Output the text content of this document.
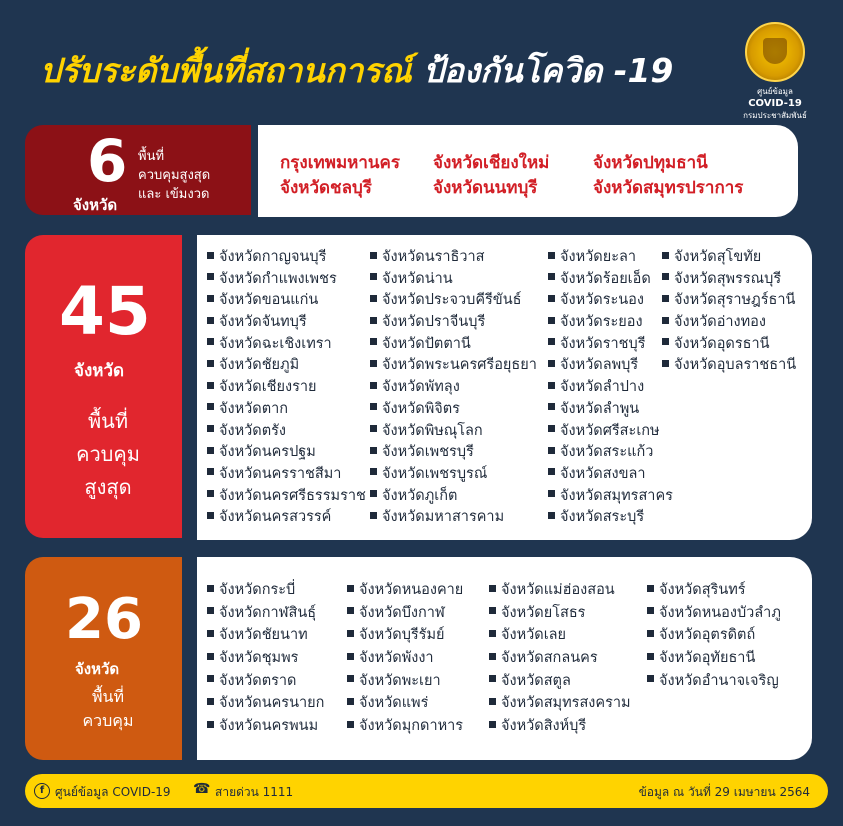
ปรับระดับพื้นที่สถานการณ์ ป้องกันโควิด -19
ศูนย์ข้อมูล
COVID-19
กรมประชาสัมพันธ์
6
จังหวัด
พื้นที่
ควบคุมสูงสุด
และ เข้มงวด
กรุงเทพมหานคร จังหวัดเชียงใหม่	จังหวัดปทุมธานี
จังหวัดชลบุรี	จังหวัดนนทบุรี	จังหวัดสมุทรปราการ
45
จังหวัด
พื้นที่
ควบคุม
สูงสุด
จังหวัดกาญจนบุรี
จังหวัดกำแพงเพชร
จังหวัดขอนแก่น
จังหวัดจันทบุรี
จังหวัดฉะเชิงเทรา
จังหวัดชัยภูมิ
จังหวัดเชียงราย
จังหวัดตาก
จังหวัดตรัง
จังหวัดนครปฐม
จังหวัดนครราชสีมา
จังหวัดนครศรีธรรมราช
จังหวัดนครสวรรค์
จังหวัดนราธิวาส
จังหวัดน่าน
จังหวัดประจวบคีรีขันธ์
จังหวัดปราจีนบุรี
จังหวัดปัตตานี
จังหวัดพระนครศรีอยุธยา
จังหวัดพัทลุง
จังหวัดพิจิตร
จังหวัดพิษณุโลก
จังหวัดเพชรบุรี
จังหวัดเพชรบูรณ์
จังหวัดภูเก็ต
จังหวัดมหาสารคาม
จังหวัดยะลา
จังหวัดร้อยเอ็ด
จังหวัดระนอง
จังหวัดระยอง
จังหวัดราชบุรี
จังหวัดลพบุรี
จังหวัดลำปาง
จังหวัดลำพูน
จังหวัดศรีสะเกษ
จังหวัดสระแก้ว
จังหวัดสงขลา
จังหวัดสมุทรสาคร
จังหวัดสระบุรี
จังหวัดสุโขทัย
จังหวัดสุพรรณบุรี
จังหวัดสุราษฎร์ธานี
จังหวัดอ่างทอง
จังหวัดอุดรธานี
จังหวัดอุบลราชธานี
26
จังหวัด
พื้นที่
ควบคุม
จังหวัดกระบี่
จังหวัดกาฬสินธุ์
จังหวัดชัยนาท
จังหวัดชุมพร
จังหวัดตราด
จังหวัดนครนายก
จังหวัดนครพนม
จังหวัดหนองคาย
จังหวัดบึงกาฬ
จังหวัดบุรีรัมย์
จังหวัดพังงา
จังหวัดพะเยา
จังหวัดแพร่
จังหวัดมุกดาหาร
จังหวัดแม่ฮ่องสอน
จังหวัดยโสธร
จังหวัดเลย
จังหวัดสกลนคร
จังหวัดสตูล
จังหวัดสมุทรสงคราม
จังหวัดสิงห์บุรี
จังหวัดสุรินทร์
จังหวัดหนองบัวลำภู
จังหวัดอุตรดิตถ์
จังหวัดอุทัยธานี
จังหวัดอำนาจเจริญ
f ศูนย์ข้อมูล COVID-19 ☎ สายด่วน 1111	ข้อมูล ณ วันที่ 29 เมษายน 2564
